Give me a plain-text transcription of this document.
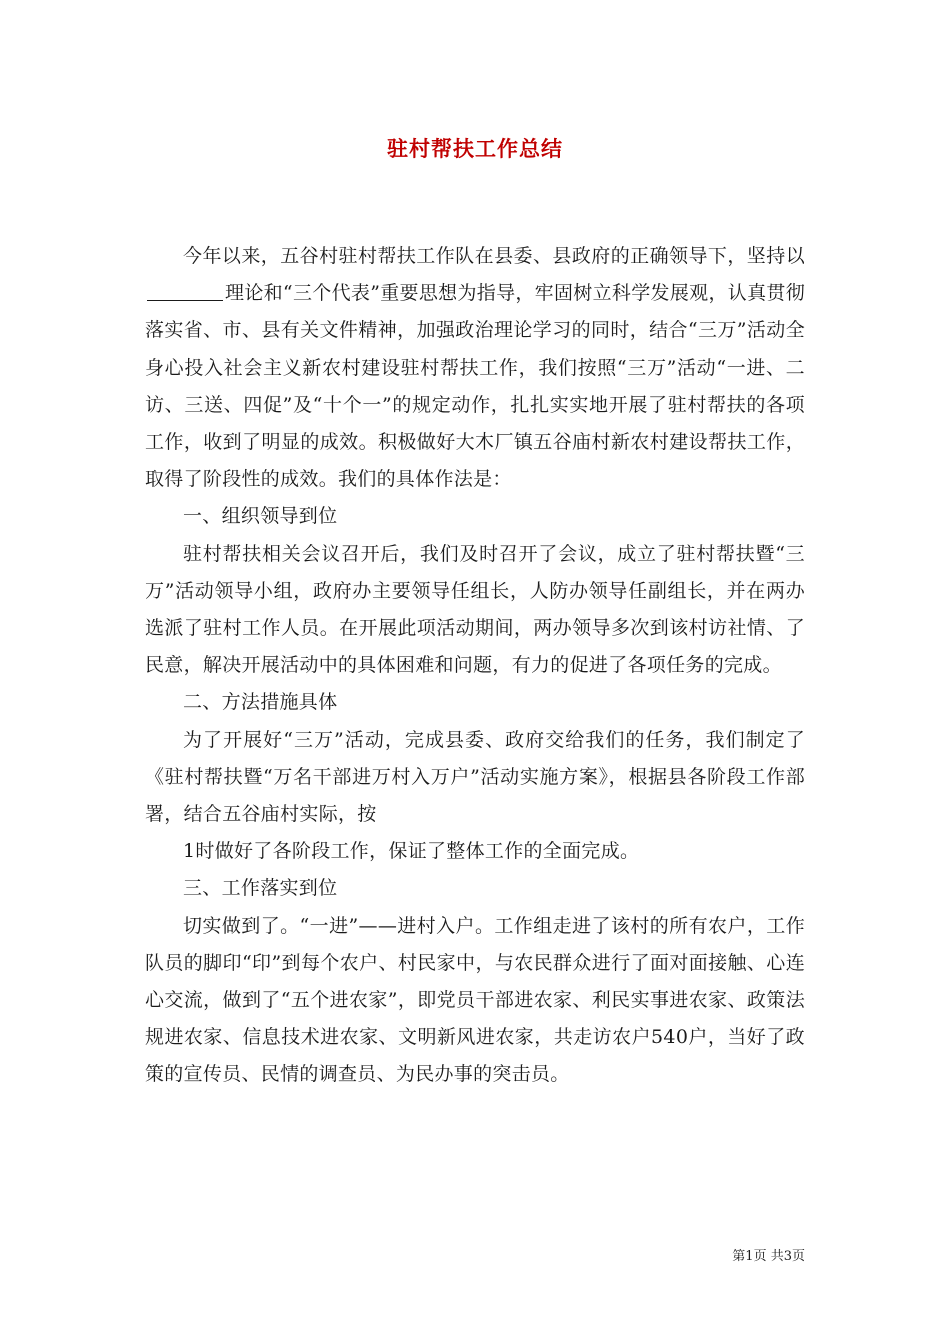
驻村帮扶工作总结

今年以来，五谷村驻村帮扶工作队在县委、县政府的正确领导下，坚持以理论和“三个代表”重要思想为指导，牢固树立科学发展观，认真贯彻落实省、市、县有关文件精神，加强政治理论学习的同时，结合“三万”活动全身心投入社会主义新农村建设驻村帮扶工作，我们按照“三万”活动“一进、二访、三送、四促”及“十个一”的规定动作，扎扎实实地开展了驻村帮扶的各项工作，收到了明显的成效。积极做好大木厂镇五谷庙村新农村建设帮扶工作，取得了阶段性的成效。我们的具体作法是：

一、组织领导到位

驻村帮扶相关会议召开后，我们及时召开了会议，成立了驻村帮扶暨“三万”活动领导小组，政府办主要领导任组长，人防办领导任副组长，并在两办选派了驻村工作人员。在开展此项活动期间，两办领导多次到该村访社情、了民意，解决开展活动中的具体困难和问题，有力的促进了各项任务的完成。

二、方法措施具体

为了开展好“三万”活动，完成县委、政府交给我们的任务，我们制定了《驻村帮扶暨“万名干部进万村入万户”活动实施方案》，根据县各阶段工作部署，结合五谷庙村实际，按

1时做好了各阶段工作，保证了整体工作的全面完成。

三、工作落实到位

切实做到了。“一进”——进村入户。工作组走进了该村的所有农户，工作队员的脚印“印”到每个农户、村民家中，与农民群众进行了面对面接触、心连心交流，做到了“五个进农家”，即党员干部进农家、利民实事进农家、政策法规进农家、信息技术进农家、文明新风进农家，共走访农户540户，当好了政策的宣传员、民情的调查员、为民办事的突击员。

第1页 共3页
